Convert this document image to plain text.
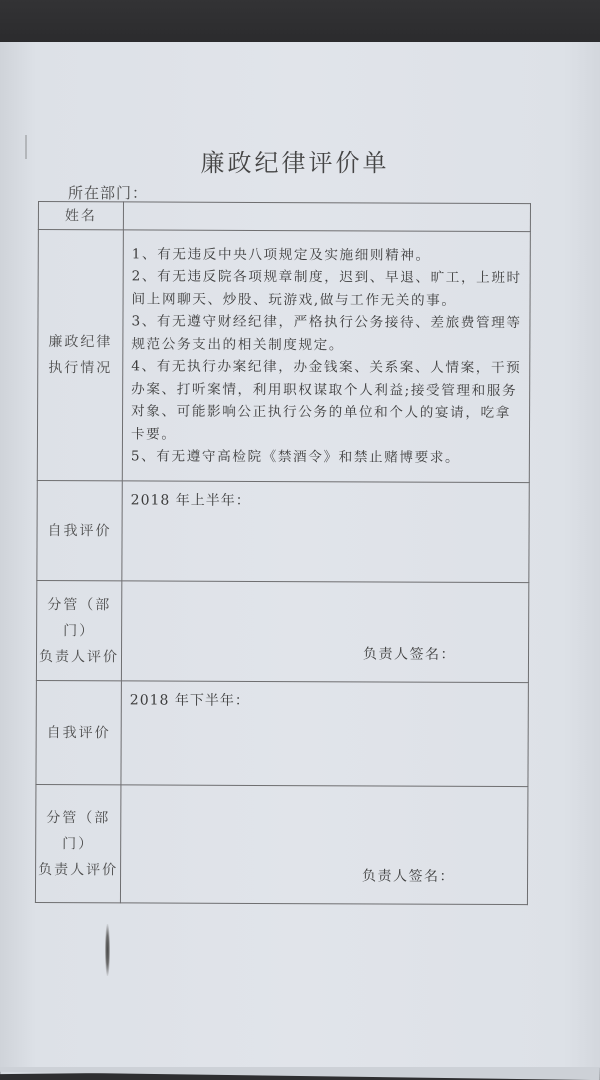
廉政纪律评价单
所在部门：
姓名	

廉政纪律
执行情况	1、有无违反中央八项规定及实施细则精神。
2、有无违反院各项规章制度，迟到、早退、旷工，上班时间上网聊天、炒股、玩游戏,做与工作无关的事。
3、有无遵守财经纪律，严格执行公务接待、差旅费管理等规范公务支出的相关制度规定。
4、有无执行办案纪律，办金钱案、关系案、人情案，干预办案、打听案情，利用职权谋取个人利益;接受管理和服务对象、可能影响公正执行公务的单位和个人的宴请，吃拿卡要。
5、有无遵守高检院《禁酒令》和禁止赌博要求。

自我评价	2018 年上半年：

分管（部门）
负责人评价	负责人签名：

自我评价	2018 年下半年：

分管（部门）
负责人评价	负责人签名：
